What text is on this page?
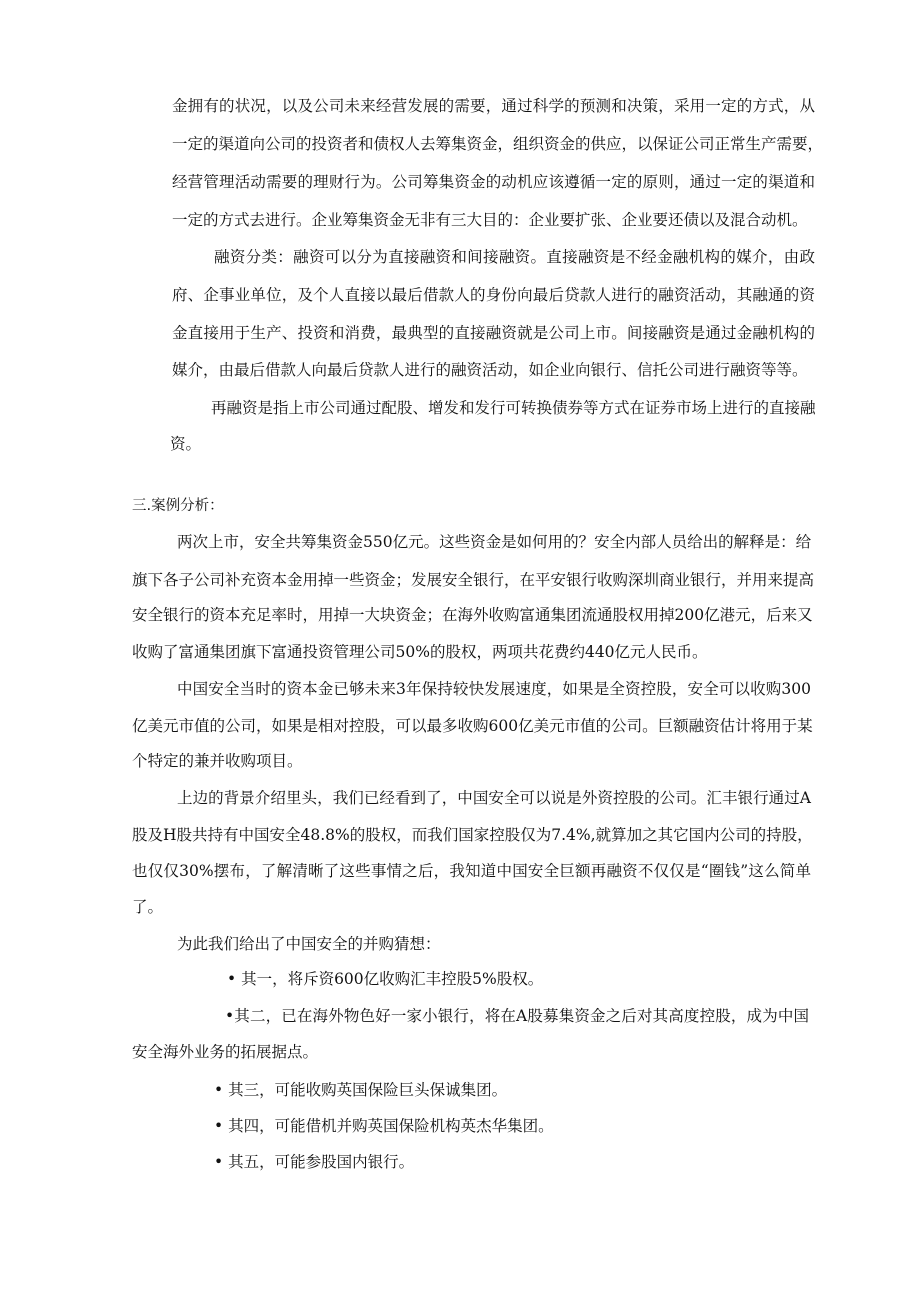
金拥有的状况，以及公司未来经营发展的需要，通过科学的预测和决策，采用一定的方式，从
一定的渠道向公司的投资者和债权人去筹集资金，组织资金的供应，以保证公司正常生产需要，
经营管理活动需要的理财行为。公司筹集资金的动机应该遵循一定的原则，通过一定的渠道和
一定的方式去进行。企业筹集资金无非有三大目的：企业要扩张、企业要还债以及混合动机。
融资分类：融资可以分为直接融资和间接融资。直接融资是不经金融机构的媒介，由政
府、企事业单位，及个人直接以最后借款人的身份向最后贷款人进行的融资活动，其融通的资
金直接用于生产、投资和消费，最典型的直接融资就是公司上市。间接融资是通过金融机构的
媒介，由最后借款人向最后贷款人进行的融资活动，如企业向银行、信托公司进行融资等等。
再融资是指上市公司通过配股、增发和发行可转换债券等方式在证券市场上进行的直接融
资。
三.案例分析：
两次上市，安全共筹集资金550亿元。这些资金是如何用的？安全内部人员给出的解释是：给
旗下各子公司补充资本金用掉一些资金；发展安全银行，在平安银行收购深圳商业银行，并用来提高
安全银行的资本充足率时，用掉一大块资金；在海外收购富通集团流通股权用掉200亿港元，后来又
收购了富通集团旗下富通投资管理公司50%的股权，两项共花费约440亿元人民币。
中国安全当时的资本金已够未来3年保持较快发展速度，如果是全资控股，安全可以收购300
亿美元市值的公司，如果是相对控股，可以最多收购600亿美元市值的公司。巨额融资估计将用于某
个特定的兼并收购项目。
上边的背景介绍里头，我们已经看到了，中国安全可以说是外资控股的公司。汇丰银行通过A
股及H股共持有中国安全48.8%的股权，而我们国家控股仅为7.4%,就算加之其它国内公司的持股，
也仅仅30%摆布，了解清晰了这些事情之后，我知道中国安全巨额再融资不仅仅是“圈钱”这么简单
了。
为此我们给出了中国安全的并购猜想：
• 其一，将斥资600亿收购汇丰控股5%股权。
•其二，已在海外物色好一家小银行，将在A股募集资金之后对其高度控股，成为中国
安全海外业务的拓展据点。
• 其三，可能收购英国保险巨头保诚集团。
• 其四，可能借机并购英国保险机构英杰华集团。
• 其五，可能参股国内银行。
